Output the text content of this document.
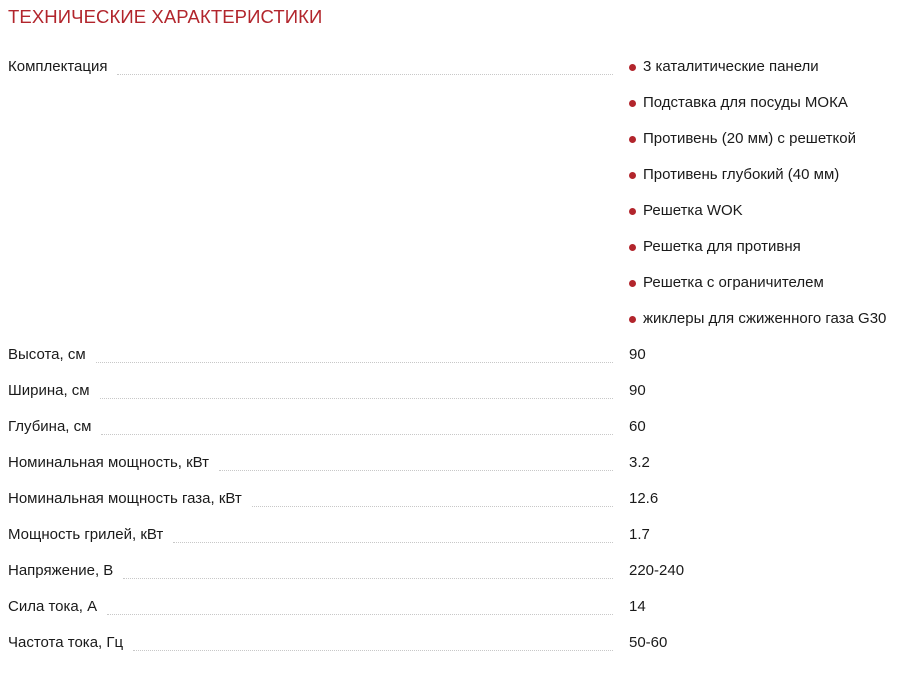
ТЕХНИЧЕСКИЕ ХАРАКТЕРИСТИКИ
Комплектация	3 каталитические панели
Подставка для посуды МОКА
Противень (20 мм) с решеткой
Противень глубокий (40 мм)
Решетка WOK
Решетка для противня
Решетка с ограничителем
жиклеры для сжиженного газа G30
Высота, см	90
Ширина, см	90
Глубина, см	60
Номинальная мощность, кВт	3.2
Номинальная мощность газа, кВт	12.6
Мощность грилей, кВт	1.7
Напряжение, В	220-240
Сила тока, А	14
Частота тока, Гц	50-60
